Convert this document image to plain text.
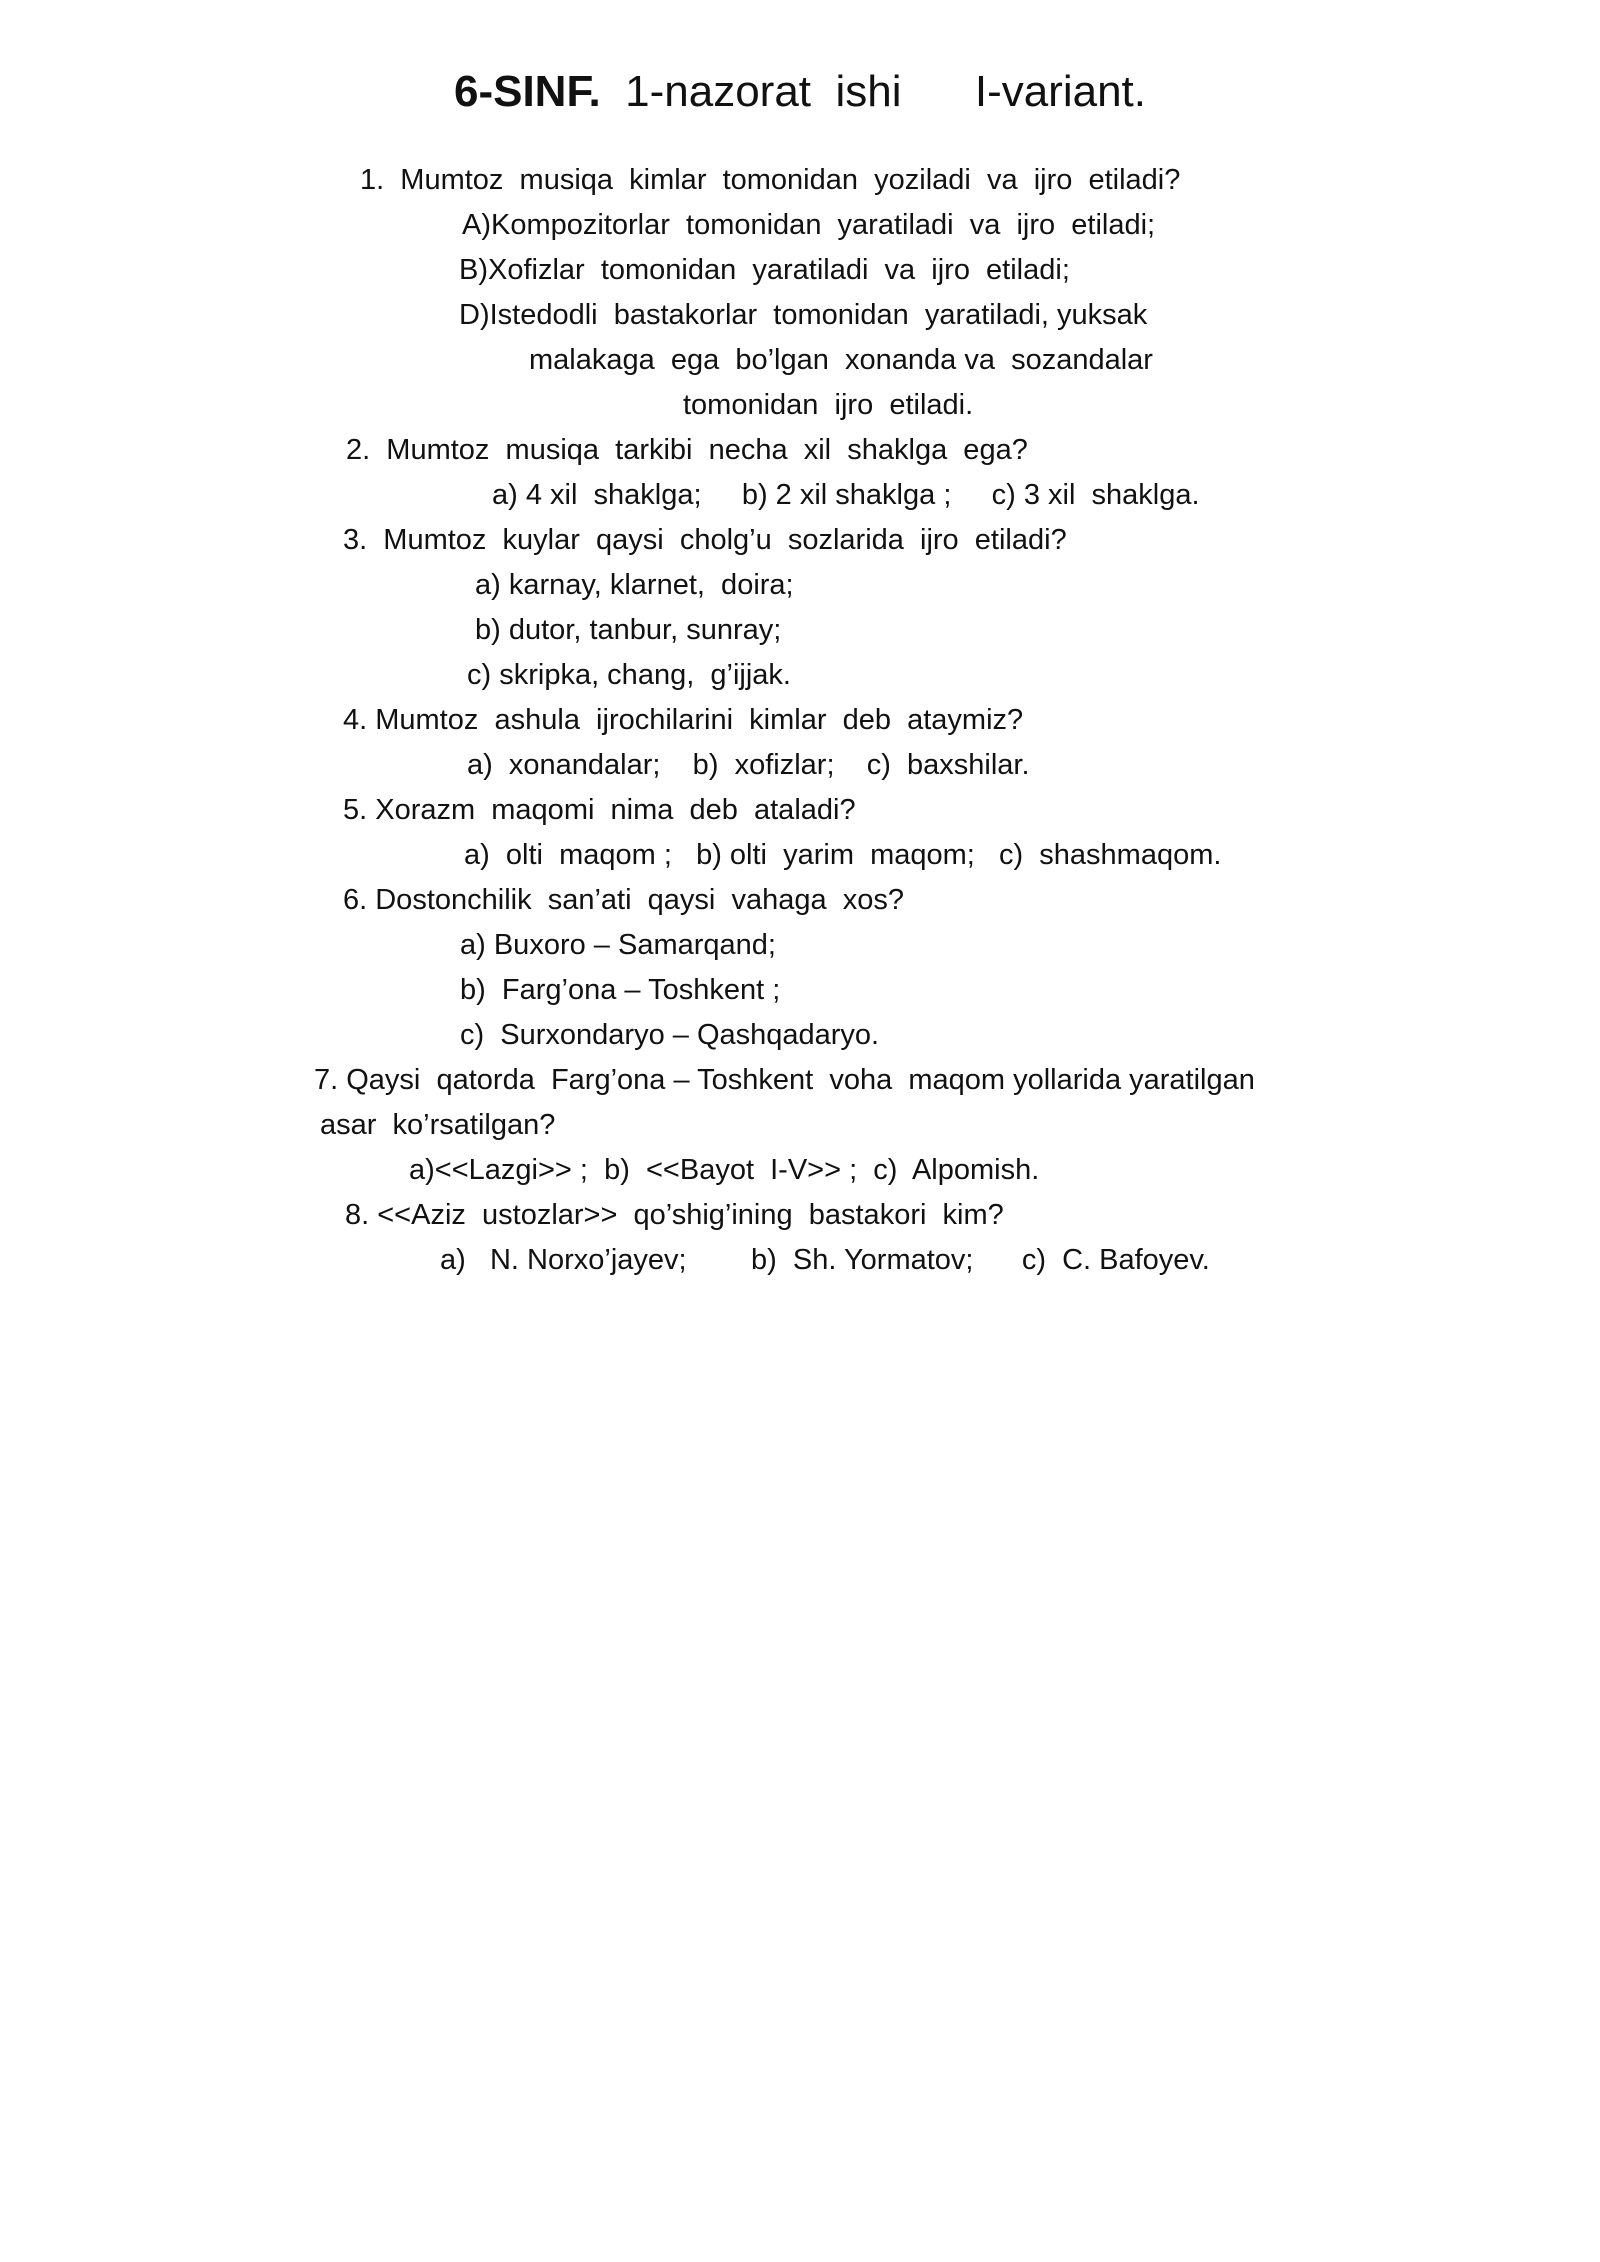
6-SINF.  1-nazorat  ishi      I-variant.
1.  Mumtoz  musiqa  kimlar  tomonidan  yoziladi  va  ijro  etiladi?
A)Kompozitorlar  tomonidan  yaratiladi  va  ijro  etiladi;
B)Xofizlar  tomonidan  yaratiladi  va  ijro  etiladi;
D)Istedodli  bastakorlar  tomonidan  yaratiladi, yuksak
malakaga  ega  bo’lgan  xonanda va  sozandalar
tomonidan  ijro  etiladi.
2.  Mumtoz  musiqa  tarkibi  necha  xil  shaklga  ega?
a) 4 xil  shaklga;     b) 2 xil shaklga ;     c) 3 xil  shaklga.
3.  Mumtoz  kuylar  qaysi  cholg’u  sozlarida  ijro  etiladi?
a) karnay, klarnet,  doira;
b) dutor, tanbur, sunray;
c) skripka, chang,  g’ijjak.
4. Mumtoz  ashula  ijrochilarini  kimlar  deb  ataymiz?
a)  xonandalar;    b)  xofizlar;    c)  baxshilar.
5. Xorazm  maqomi  nima  deb  ataladi?
a)  olti  maqom ;   b) olti  yarim  maqom;   c)  shashmaqom.
6. Dostonchilik  san’ati  qaysi  vahaga  xos?
a) Buxoro – Samarqand;
b)  Farg’ona – Toshkent ;
c)  Surxondaryo – Qashqadaryo.
7. Qaysi  qatorda  Farg’ona – Toshkent  voha  maqom yollarida yaratilgan
asar  ko’rsatilgan?
a)<<Lazgi>> ;  b)  <<Bayot  I-V>> ;  c)  Alpomish.
8. <<Aziz  ustozlar>>  qo’shig’ining  bastakori  kim?
a)   N. Norxo’jayev;        b)  Sh. Yormatov;      c)  C. Bafoyev.
